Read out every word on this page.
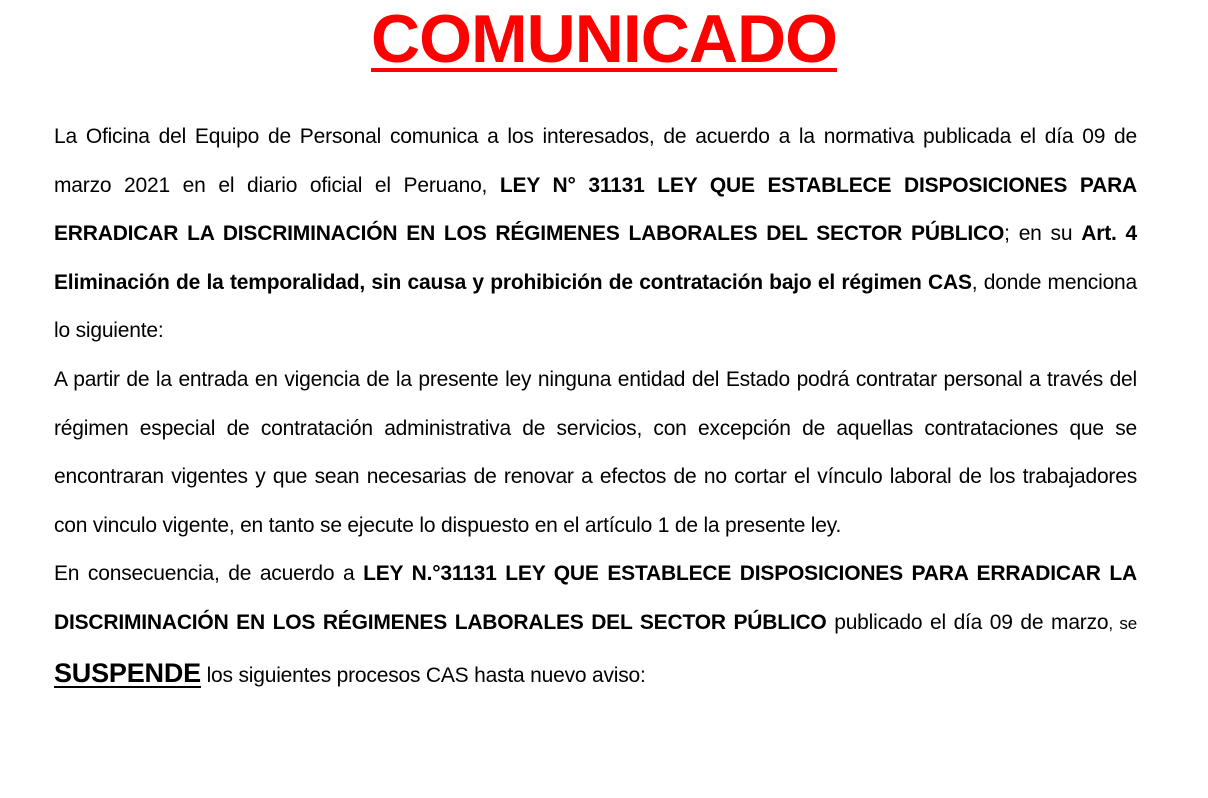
COMUNICADO

La Oficina del Equipo de Personal comunica a los interesados, de acuerdo a la normativa publicada el día 09 de marzo 2021 en el diario oficial el Peruano, LEY N° 31131 LEY QUE ESTABLECE DISPOSICIONES PARA ERRADICAR LA DISCRIMINACIÓN EN LOS RÉGIMENES LABORALES DEL SECTOR PÚBLICO; en su Art. 4 Eliminación de la temporalidad, sin causa y prohibición de contratación bajo el régimen CAS, donde menciona lo siguiente:

A partir de la entrada en vigencia de la presente ley ninguna entidad del Estado podrá contratar personal a través del régimen especial de contratación administrativa de servicios, con excepción de aquellas contrataciones que se encontraran vigentes y que sean necesarias de renovar a efectos de no cortar el vínculo laboral de los trabajadores con vinculo vigente, en tanto se ejecute lo dispuesto en el artículo 1 de la presente ley.

En consecuencia, de acuerdo a LEY N.°31131 LEY QUE ESTABLECE DISPOSICIONES PARA ERRADICAR LA DISCRIMINACIÓN EN LOS RÉGIMENES LABORALES DEL SECTOR PÚBLICO publicado el día 09 de marzo, se SUSPENDE los siguientes procesos CAS hasta nuevo aviso:
